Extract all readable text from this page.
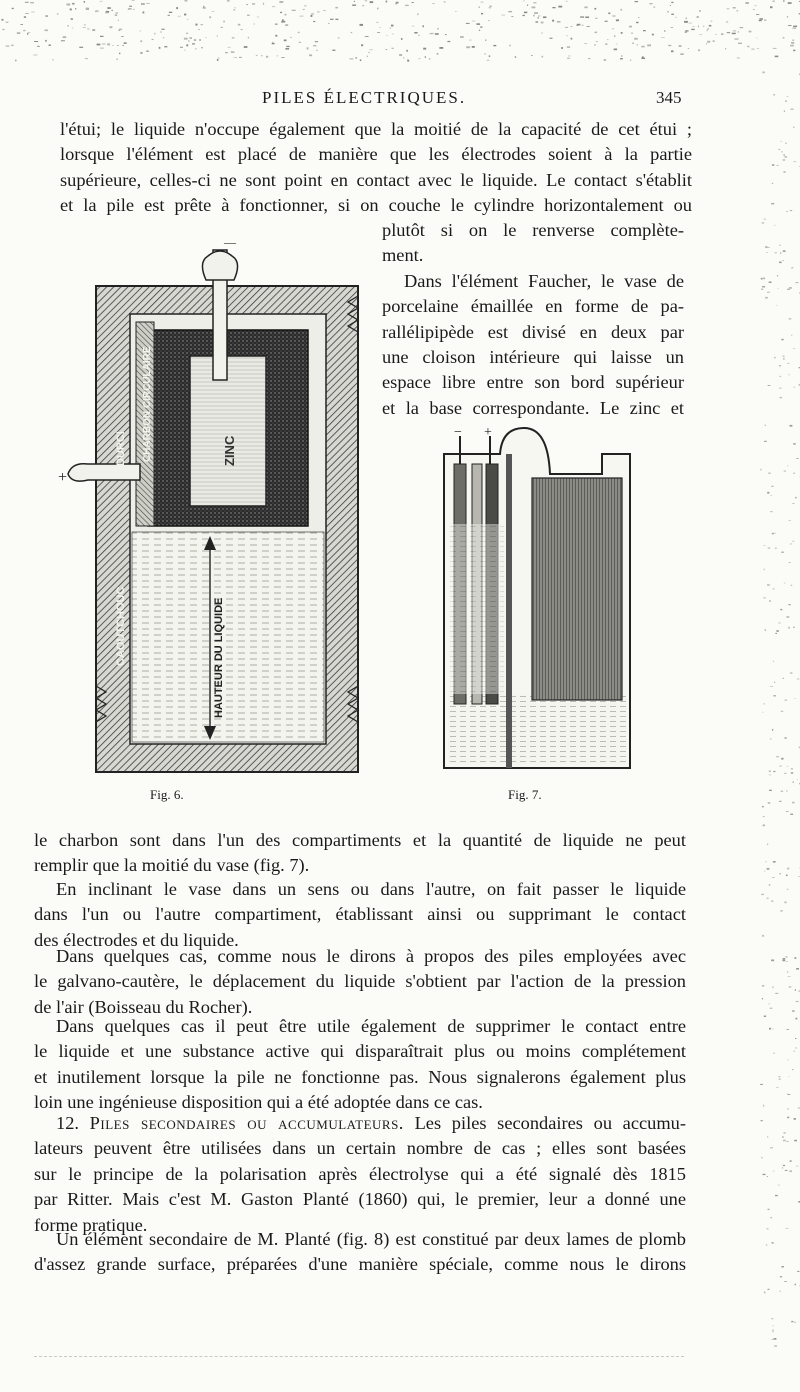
PILES ÉLECTRIQUES.	345
l'étui; le liquide n'occupe également que la moitié de la capacité de cet étui ;
lorsque l'élément est placé de manière que les électrodes soient à la partie
supérieure, celles-ci ne sont point en contact avec le liquide. Le contact s'établit
et la pile est prête à fonctionner, si on couche le cylindre horizontalement ou
plutôt si on le renverse complète-
ment.
Dans l'élément Faucher, le vase de
porcelaine émaillée en forme de pa-
rallélipipède est divisé en deux par
une cloison intérieure qui laisse un
espace libre entre son bord supérieur
et la base correspondante. Le zinc et
DURCI CHARBON CIRCULAIRE	ZINC
CAOUTCHOUC	HAUTEUR DU LIQUIDE
—
+
Fig. 6.
− +
Fig. 7.
le charbon sont dans l'un des compartiments et la quantité de liquide ne peut
remplir que la moitié du vase (fig. 7).
En inclinant le vase dans un sens ou dans l'autre, on fait passer le liquide
dans l'un ou l'autre compartiment, établissant ainsi ou supprimant le contact
des électrodes et du liquide.
Dans quelques cas, comme nous le dirons à propos des piles employées avec
le galvano-cautère, le déplacement du liquide s'obtient par l'action de la pression
de l'air (Boisseau du Rocher).
Dans quelques cas il peut être utile également de supprimer le contact entre
le liquide et une substance active qui disparaîtrait plus ou moins complétement
et inutilement lorsque la pile ne fonctionne pas. Nous signalerons également plus
loin une ingénieuse disposition qui a été adoptée dans ce cas.
12. Piles secondaires ou accumulateurs. Les piles secondaires ou accumu-
lateurs peuvent être utilisées dans un certain nombre de cas ; elles sont basées
sur le principe de la polarisation après électrolyse qui a été signalé dès 1815
par Ritter. Mais c'est M. Gaston Planté (1860) qui, le premier, leur a donné une
forme pratique.
Un élément secondaire de M. Planté (fig. 8) est constitué par deux lames de plomb
d'assez grande surface, préparées d'une manière spéciale, comme nous le dirons
